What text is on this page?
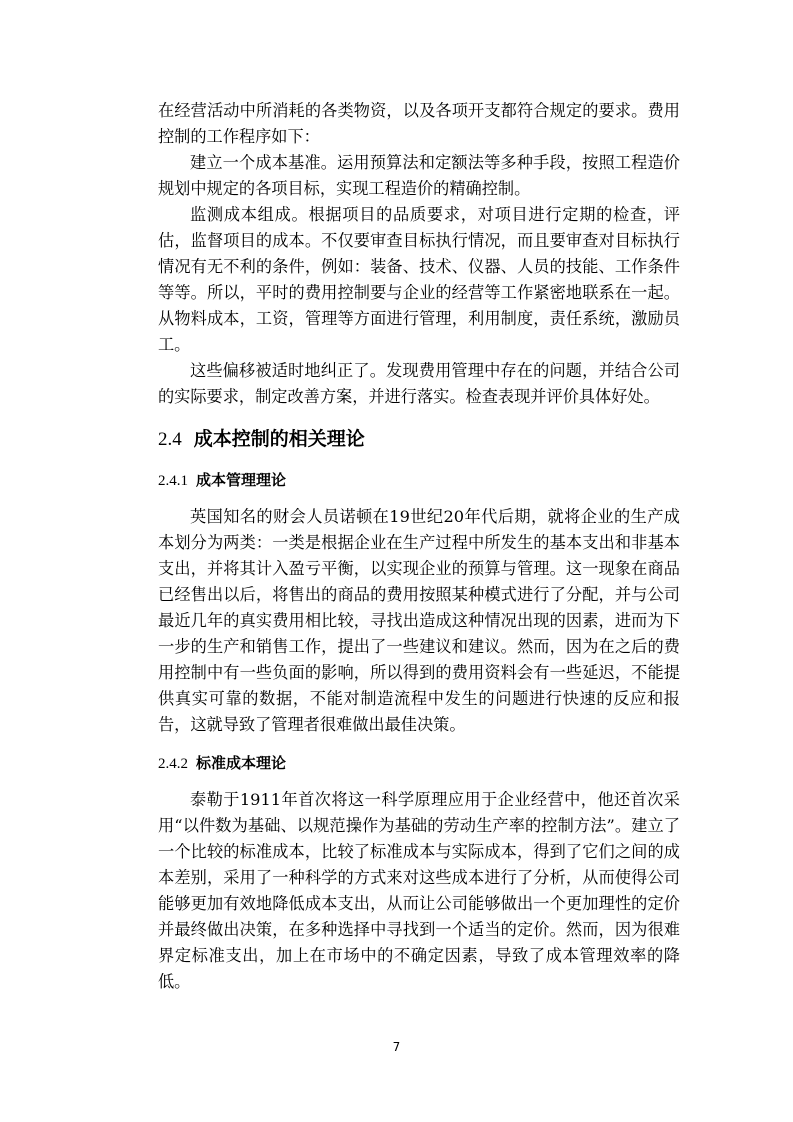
在经营活动中所消耗的各类物资，以及各项开支都符合规定的要求。费用控制的工作程序如下：

建立一个成本基准。运用预算法和定额法等多种手段，按照工程造价规划中规定的各项目标，实现工程造价的精确控制。

监测成本组成。根据项目的品质要求，对项目进行定期的检查，评估，监督项目的成本。不仅要审查目标执行情况，而且要审查对目标执行情况有无不利的条件，例如：装备、技术、仪器、人员的技能、工作条件等等。所以，平时的费用控制要与企业的经营等工作紧密地联系在一起。从物料成本，工资，管理等方面进行管理，利用制度，责任系统，激励员工。

这些偏移被适时地纠正了。发现费用管理中存在的问题，并结合公司的实际要求，制定改善方案，并进行落实。检查表现并评价具体好处。

2.4 成本控制的相关理论
2.4.1 成本管理理论

英国知名的财会人员诺顿在19世纪20年代后期，就将企业的生产成本划分为两类：一类是根据企业在生产过程中所发生的基本支出和非基本支出，并将其计入盈亏平衡，以实现企业的预算与管理。这一现象在商品已经售出以后，将售出的商品的费用按照某种模式进行了分配，并与公司最近几年的真实费用相比较，寻找出造成这种情况出现的因素，进而为下一步的生产和销售工作，提出了一些建议和建议。然而，因为在之后的费用控制中有一些负面的影响，所以得到的费用资料会有一些延迟，不能提供真实可靠的数据，不能对制造流程中发生的问题进行快速的反应和报告，这就导致了管理者很难做出最佳决策。

2.4.2 标准成本理论

泰勒于1911年首次将这一科学原理应用于企业经营中，他还首次采用“以件数为基础、以规范操作为基础的劳动生产率的控制方法”。建立了一个比较的标准成本，比较了标准成本与实际成本，得到了它们之间的成本差别，采用了一种科学的方式来对这些成本进行了分析，从而使得公司能够更加有效地降低成本支出，从而让公司能够做出一个更加理性的定价并最终做出决策，在多种选择中寻找到一个适当的定价。然而，因为很难界定标准支出，加上在市场中的不确定因素，导致了成本管理效率的降低。

7
